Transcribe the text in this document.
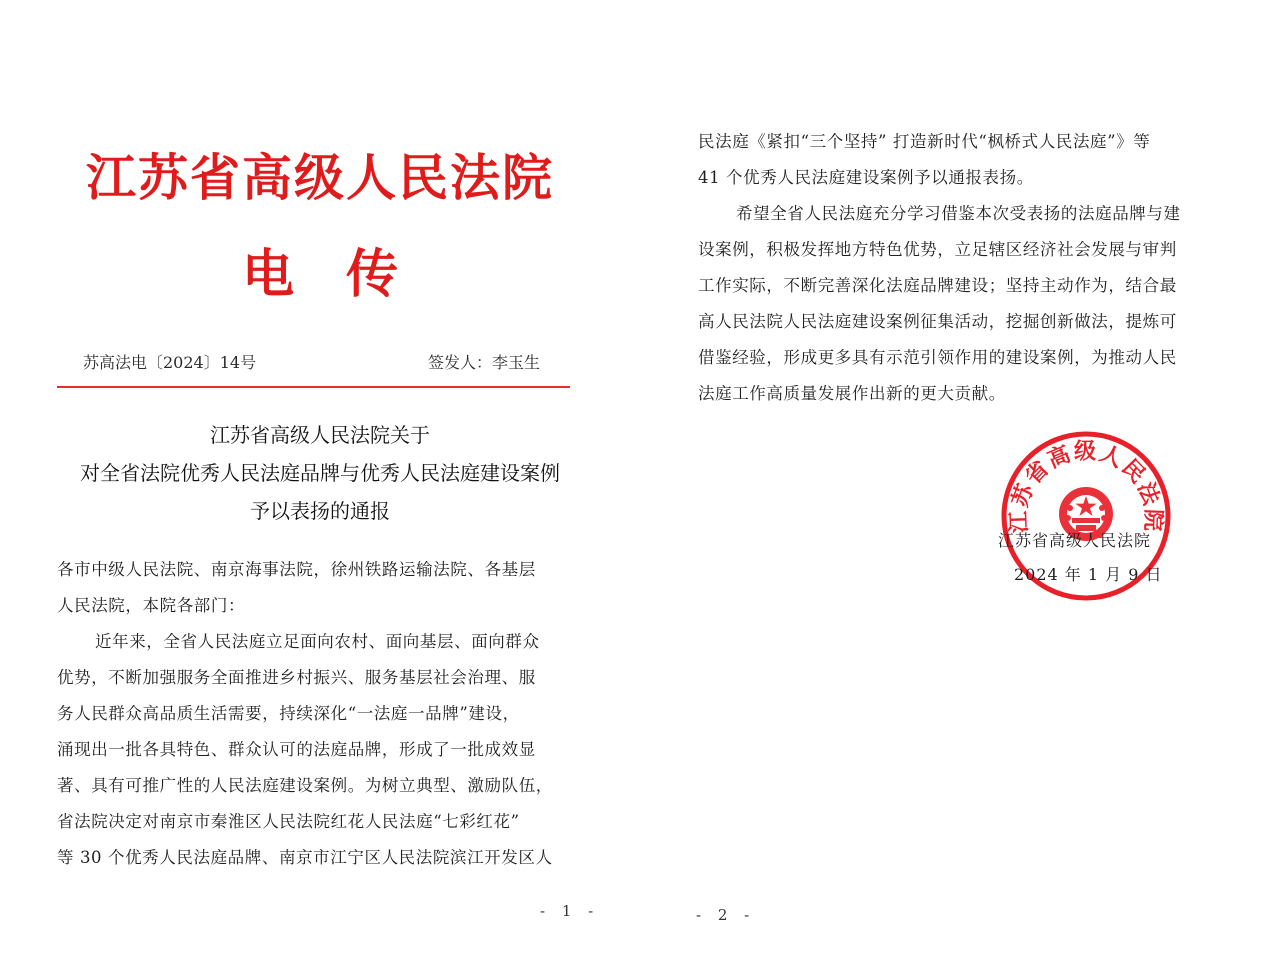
江苏省高级人民法院
电　传
苏高法电〔2024〕14号	签发人：李玉生
江苏省高级人民法院关于
对全省法院优秀人民法庭品牌与优秀人民法庭建设案例
予以表扬的通报
各市中级人民法院、南京海事法院，徐州铁路运输法院、各基层
人民法院，本院各部门：
近年来，全省人民法庭立足面向农村、面向基层、面向群众
优势，不断加强服务全面推进乡村振兴、服务基层社会治理、服
务人民群众高品质生活需要，持续深化“一法庭一品牌”建设，
涌现出一批各具特色、群众认可的法庭品牌，形成了一批成效显
著、具有可推广性的人民法庭建设案例。为树立典型、激励队伍，
省法院决定对南京市秦淮区人民法院红花人民法庭“七彩红花”
等 30 个优秀人民法庭品牌、南京市江宁区人民法院滨江开发区人
- 1 -
民法庭《紧扣“三个坚持” 打造新时代“枫桥式人民法庭”》等
41 个优秀人民法庭建设案例予以通报表扬。
希望全省人民法庭充分学习借鉴本次受表扬的法庭品牌与建
设案例，积极发挥地方特色优势，立足辖区经济社会发展与审判
工作实际，不断完善深化法庭品牌建设；坚持主动作为，结合最
高人民法院人民法庭建设案例征集活动，挖掘创新做法，提炼可
借鉴经验，形成更多具有示范引领作用的建设案例，为推动人民
法庭工作高质量发展作出新的更大贡献。
江苏省高级人民法院
江苏省高级人民法院
2024 年 1 月 9 日
- 2 -
